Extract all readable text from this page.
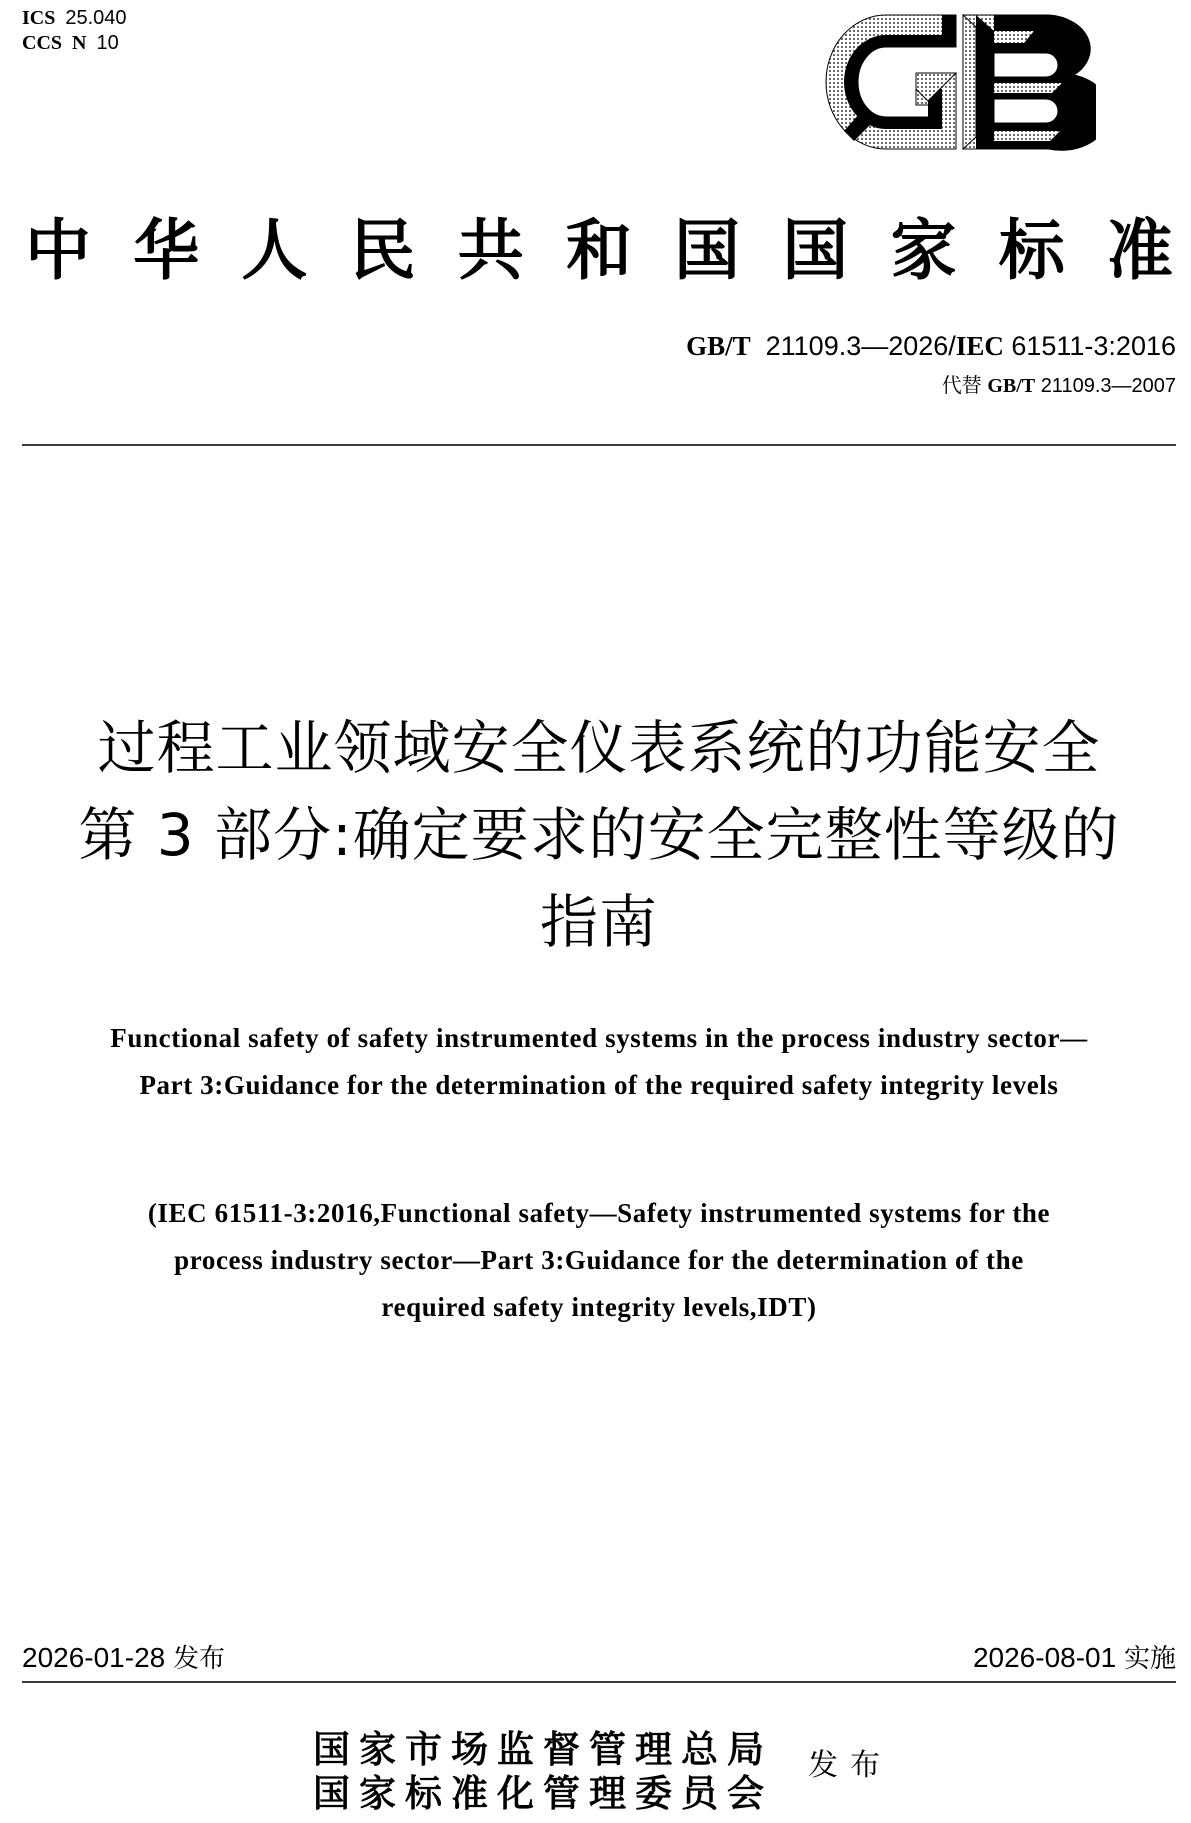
ICS 25.040
CCS N 10
中 华 人 民 共 和 国 国 家 标 准
GB/T 21109.3—2026/IEC 61511-3:2016
代替 GB/T 21109.3—2007
过程工业领域安全仪表系统的功能安全
第 3 部分:确定要求的安全完整性等级的
指南
Functional safety of safety instrumented systems in the process industry sector—
Part 3:Guidance for the determination of the required safety integrity levels
(IEC 61511-3:2016,Functional safety—Safety instrumented systems for the
process industry sector—Part 3:Guidance for the determination of the
required safety integrity levels,IDT)
2026-01-28 发布	2026-08-01 实施
国家市场监督管理总局
国家标准化管理委员会
发布
